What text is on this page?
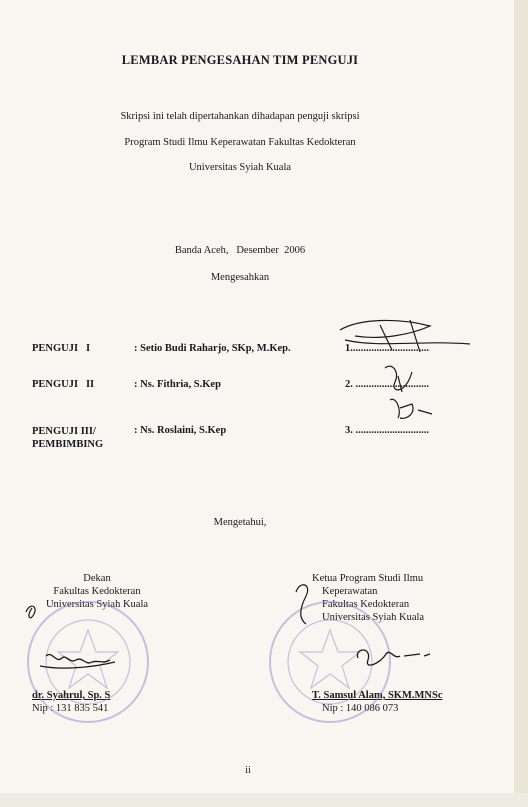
LEMBAR PENGESAHAN TIM PENGUJI
Skripsi ini telah dipertahankan dihadapan penguji skripsi
Program Studi Ilmu Keperawatan Fakultas Kedokteran
Universitas Syiah Kuala
Banda Aceh,   Desember  2006
Mengesahkan
PENGUJI   I	: Setio Budi Raharjo, SKp, M.Kep.	1..............................
PENGUJI   II	: Ns. Fithria, S.Kep	2. ............................
PENGUJI III/
PEMBIMBING
: Ns. Roslaini, S.Kep	3. ............................
Mengetahui,
Dekan
Fakultas Kedokteran
Universitas Syiah Kuala
dr. Syahrul, Sp. S
Nip : 131 835 541
Ketua Program Studi Ilmu
Keperawatan
Fakultas Kedokteran
Universitas Syiah Kuala
T. Samsul Alam, SKM.MNSc
Nip : 140 086 073
ii
